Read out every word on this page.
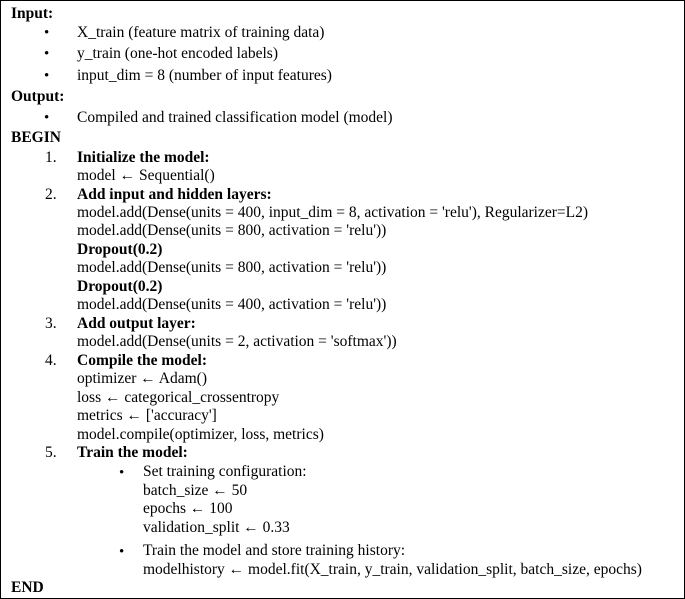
Input:
• X_train (feature matrix of training data)
• y_train (one-hot encoded labels)
• input_dim = 8 (number of input features)
Output:
• Compiled and trained classification model (model)
BEGIN
1. Initialize the model:
model ← Sequential()
2. Add input and hidden layers:
model.add(Dense(units = 400, input_dim = 8, activation = 'relu'), Regularizer=L2)
model.add(Dense(units = 800, activation = 'relu'))
Dropout(0.2)
model.add(Dense(units = 800, activation = 'relu'))
Dropout(0.2)
model.add(Dense(units = 400, activation = 'relu'))
3. Add output layer:
model.add(Dense(units = 2, activation = 'softmax'))
4. Compile the model:
optimizer ← Adam()
loss ← categorical_crossentropy
metrics ← ['accuracy']
model.compile(optimizer, loss, metrics)
5. Train the model:
• Set training configuration:
batch_size ← 50
epochs ← 100
validation_split ← 0.33
• Train the model and store training history:
modelhistory ← model.fit(X_train, y_train, validation_split, batch_size, epochs)
END
